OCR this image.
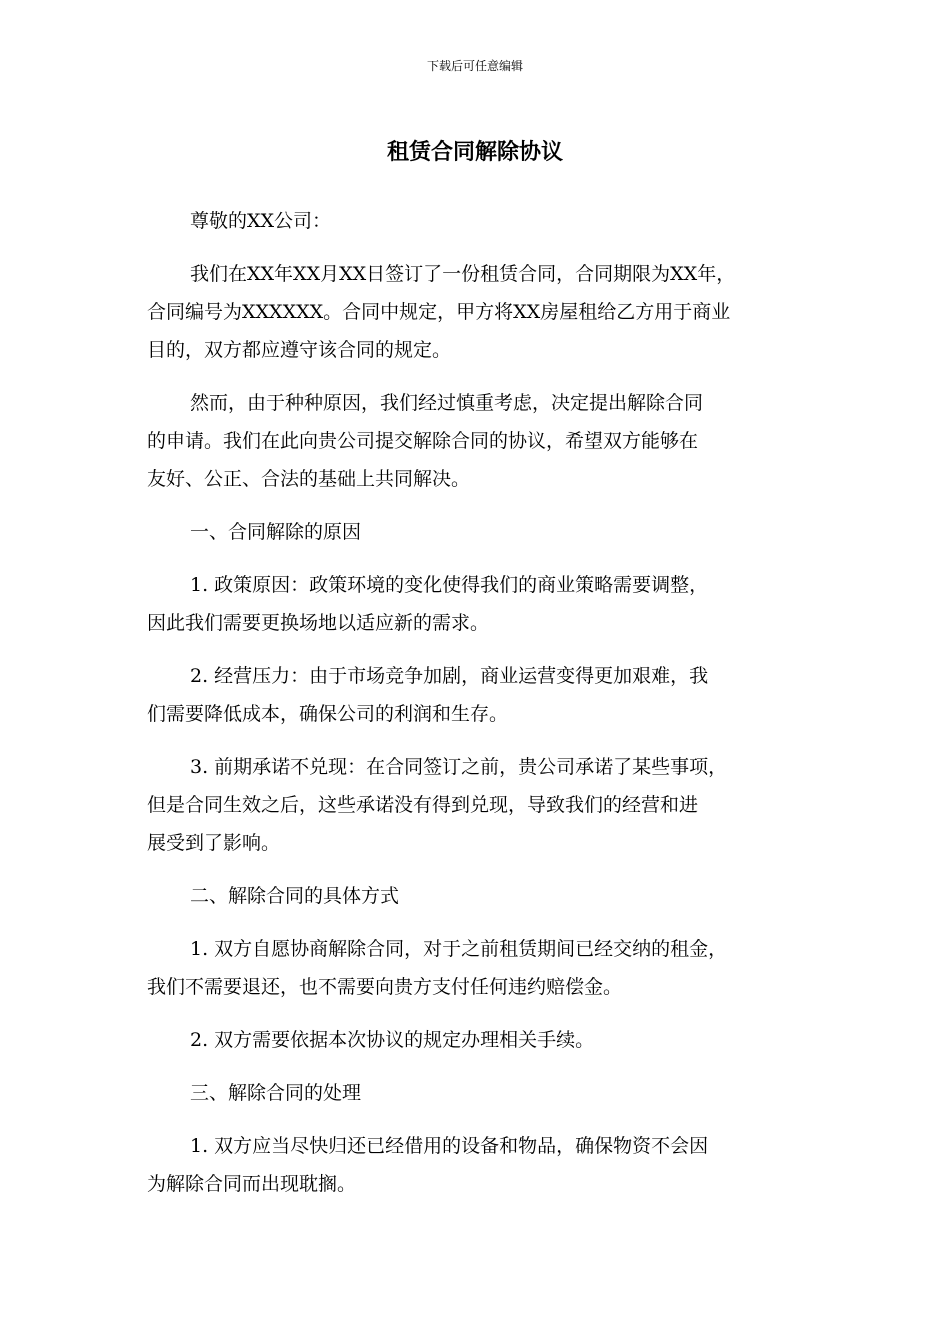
下载后可任意编辑
租赁合同解除协议

尊敬的XX公司：

我们在XX年XX月XX日签订了一份租赁合同，合同期限为XX年，
合同编号为XXXXXX。合同中规定，甲方将XX房屋租给乙方用于商业
目的，双方都应遵守该合同的规定。

然而，由于种种原因，我们经过慎重考虑，决定提出解除合同
的申请。我们在此向贵公司提交解除合同的协议，希望双方能够在
友好、公正、合法的基础上共同解决。

一、合同解除的原因

1. 政策原因：政策环境的变化使得我们的商业策略需要调整，
因此我们需要更换场地以适应新的需求。

2. 经营压力：由于市场竞争加剧，商业运营变得更加艰难，我
们需要降低成本，确保公司的利润和生存。

3. 前期承诺不兑现：在合同签订之前，贵公司承诺了某些事项，
但是合同生效之后，这些承诺没有得到兑现，导致我们的经营和进
展受到了影响。

二、解除合同的具体方式

1. 双方自愿协商解除合同，对于之前租赁期间已经交纳的租金，
我们不需要退还，也不需要向贵方支付任何违约赔偿金。

2. 双方需要依据本次协议的规定办理相关手续。

三、解除合同的处理

1. 双方应当尽快归还已经借用的设备和物品，确保物资不会因
为解除合同而出现耽搁。
